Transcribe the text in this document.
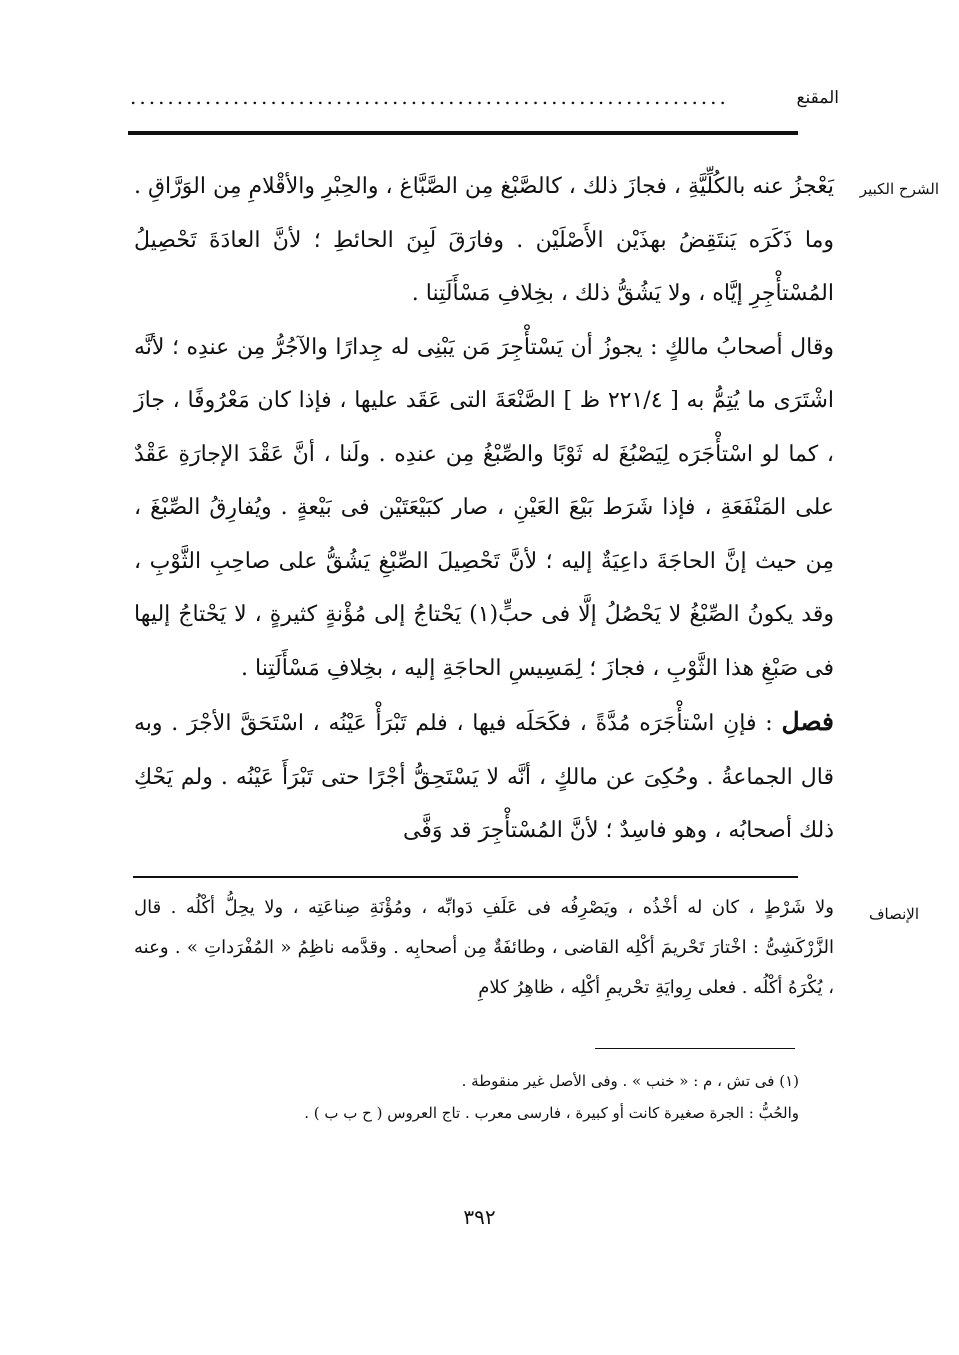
المقنع
................................................................
الشرح الكبير

يَعْجزُ عنه بالكُلِّيَّةِ ، فجازَ ذلك ، كالصَّبْغ مِن الصَّبَّاغ ، والحِبْرِ والأقْلامِ مِن الوَرَّاقِ . وما ذَكَرَه يَنتَقِضُ بهذَيْن الأَصْلَيْن . وفارَقَ لَبِنَ الحائطِ ؛ لأنَّ العادَةَ تَحْصِيلُ المُسْتأْجِرِ إيَّاه ، ولا يَشُقُّ ذلك ، بخِلافِ مَسْأَلَتِنا .

وقال أصحابُ مالكٍ : يجوزُ أن يَسْتأْجِرَ مَن يَبْنِى له جِدارًا والآجُرُّ مِن عندِه ؛ لأنَّه اشْتَرَى ما يُتِمُّ به [ ٢٢١/٤ ظ ] الصَّنْعَةَ التى عَقَد عليها ، فإذا كان مَعْرُوفًا ، جازَ ، كما لو اسْتأْجَرَه لِيَصْبُغَ له ثَوْبًا والصِّبْغُ مِن عندِه . ولَنا ، أنَّ عَقْدَ الإجارَةِ عَقْدٌ على المَنْفَعَةِ ، فإذا شَرَط بَيْعَ العَيْنِ ، صار كبَيْعَتَيْن فى بَيْعةٍ . ويُفارِقُ الصِّبْغَ ، مِن حيث إنَّ الحاجَةَ داعِيَةٌ إليه ؛ لأنَّ تَحْصِيلَ الصِّبْغِ يَشُقُّ على صاحِبِ الثَّوْبِ ، وقد يكونُ الصِّبْغُ لا يَحْصُلُ إلَّا فى حبٍّ(١) يَحْتاجُ إلى مُؤْنةٍ كثيرةٍ ، لا يَحْتاجُ إليها فى صَبْغِ هذا الثَّوْبِ ، فجازَ ؛ لِمَسِيسِ الحاجَةِ إليه ، بخِلافِ مَسْأَلَتِنا .

فصل : فإنِ اسْتأْجَرَه مُدَّةً ، فكَحَلَه فيها ، فلم تَبْرَأْ عَيْنُه ، اسْتَحَقَّ الأجْرَ . وبه قال الجماعةُ . وحُكِىَ عن مالكٍ ، أنَّه لا يَسْتَحِقُّ أجْرًا حتى تَبْرَأَ عَيْنُه . ولم يَحْكِ ذلك أصحابُه ، وهو فاسِدٌ ؛ لأنَّ المُسْتأْجِرَ قد وَفَّى

الإنصاف

ولا شَرْطٍ ، كان له أخْذُه ، ويَصْرِفُه فى عَلَفِ دَوابِّه ، ومُؤْنَةِ صِناعَتِه ، ولا يحِلُّ أكْلُه . قال الزَّرْكَشِىُّ : اخْتارَ تَحْريمَ أكْلِه القاضى ، وطائفَةٌ مِن أصحابِه . وقدَّمه ناظِمُ « المُفْرَداتِ » . وعنه ، يُكْرَهُ أكْلُه . فعلى رِوايَةِ تحْريمِ أكْلِه ، ظاهِرُ كلامِ

(١) فى تش ، م : « خنب » . وفى الأصل غير منقوطة .

والحُبُّ : الجرة صغيرة كانت أو كبيرة ، فارسى معرب . تاج العروس ( ح ب ب ) .

٣٩٢
